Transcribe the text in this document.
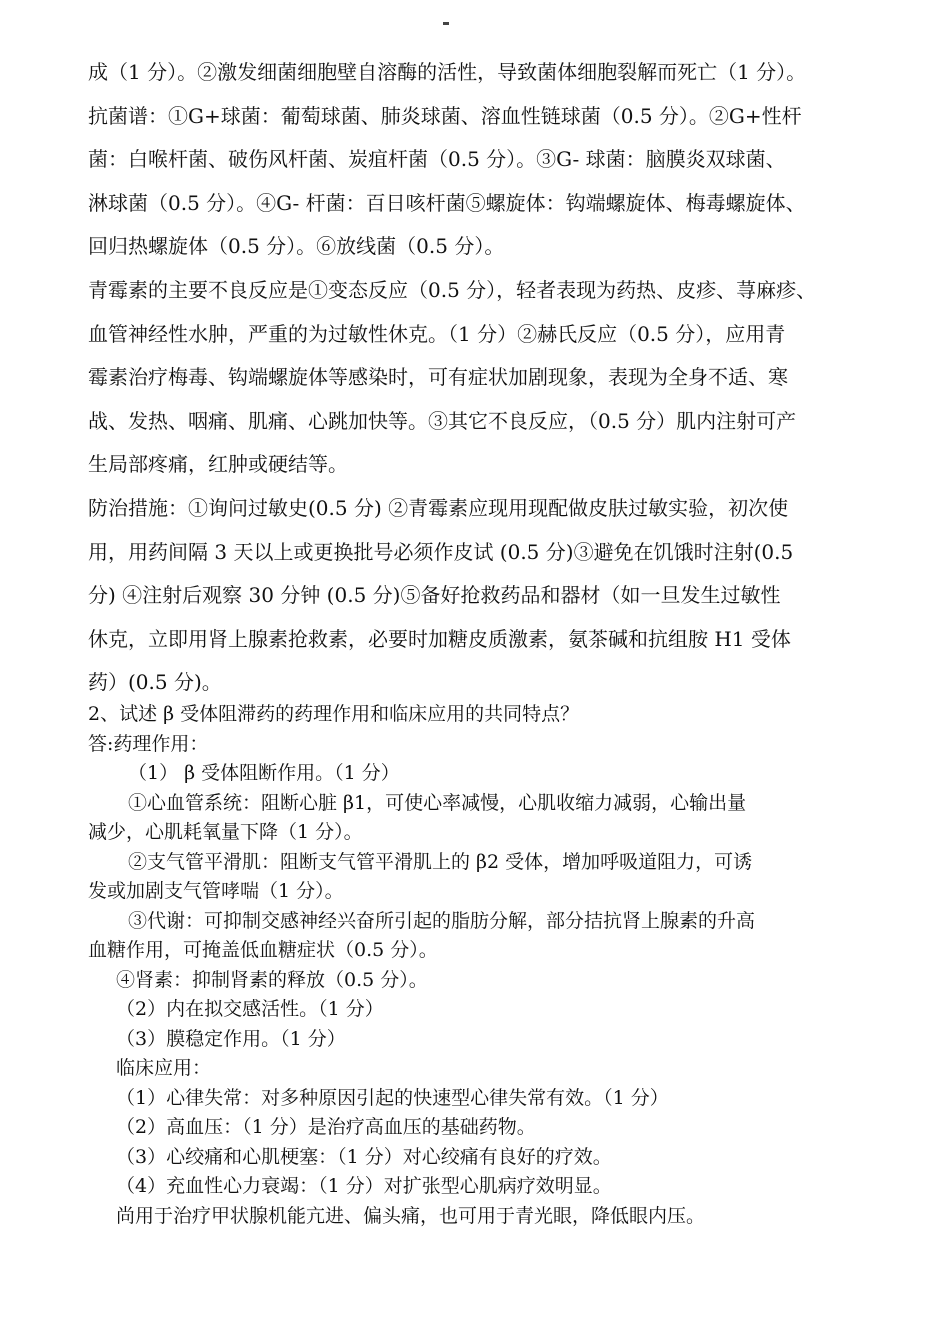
成（1 分）。②激发细菌细胞壁自溶酶的活性，导致菌体细胞裂解而死亡（1 分）。
抗菌谱：①G+球菌：葡萄球菌、肺炎球菌、溶血性链球菌（0.5 分）。②G+性杆
菌：白喉杆菌、破伤风杆菌、炭疽杆菌（0.5 分）。③G- 球菌：脑膜炎双球菌、
淋球菌（0.5 分）。④G- 杆菌：百日咳杆菌⑤螺旋体：钩端螺旋体、梅毒螺旋体、
回归热螺旋体（0.5 分）。⑥放线菌（0.5 分）。
青霉素的主要不良反应是①变态反应（0.5 分），轻者表现为药热、皮疹、荨麻疹、
血管神经性水肿，严重的为过敏性休克。（1 分）②赫氏反应（0.5 分），应用青
霉素治疗梅毒、钩端螺旋体等感染时，可有症状加剧现象，表现为全身不适、寒
战、发热、咽痛、肌痛、心跳加快等。③其它不良反应，（0.5 分）肌内注射可产
生局部疼痛，红肿或硬结等。
防治措施：①询问过敏史(0.5 分) ②青霉素应现用现配做皮肤过敏实验，初次使
用，用药间隔 3 天以上或更换批号必须作皮试 (0.5 分)③避免在饥饿时注射(0.5
分) ④注射后观察 30 分钟 (0.5 分)⑤备好抢救药品和器材（如一旦发生过敏性
休克，立即用肾上腺素抢救素，必要时加糖皮质激素，氨茶碱和抗组胺 H1 受体
药）(0.5 分)。
2、试述 β 受体阻滞药的药理作用和临床应用的共同特点？
答:药理作用：
（1） β 受体阻断作用。（1 分）
①心血管系统：阻断心脏 β1，可使心率减慢，心肌收缩力减弱，心输出量
减少，心肌耗氧量下降（1 分）。
②支气管平滑肌：阻断支气管平滑肌上的 β2 受体，增加呼吸道阻力，可诱
发或加剧支气管哮喘（1 分）。
③代谢：可抑制交感神经兴奋所引起的脂肪分解，部分拮抗肾上腺素的升高
血糖作用，可掩盖低血糖症状（0.5 分）。
④肾素：抑制肾素的释放（0.5 分）。
（2）内在拟交感活性。（1 分）
（3）膜稳定作用。（1 分）
临床应用：
（1）心律失常：对多种原因引起的快速型心律失常有效。（1 分）
（2）高血压：（1 分）是治疗高血压的基础药物。
（3）心绞痛和心肌梗塞：（1 分）对心绞痛有良好的疗效。
（4）充血性心力衰竭：（1 分）对扩张型心肌病疗效明显。
尚用于治疗甲状腺机能亢进、偏头痛，也可用于青光眼，降低眼内压。
